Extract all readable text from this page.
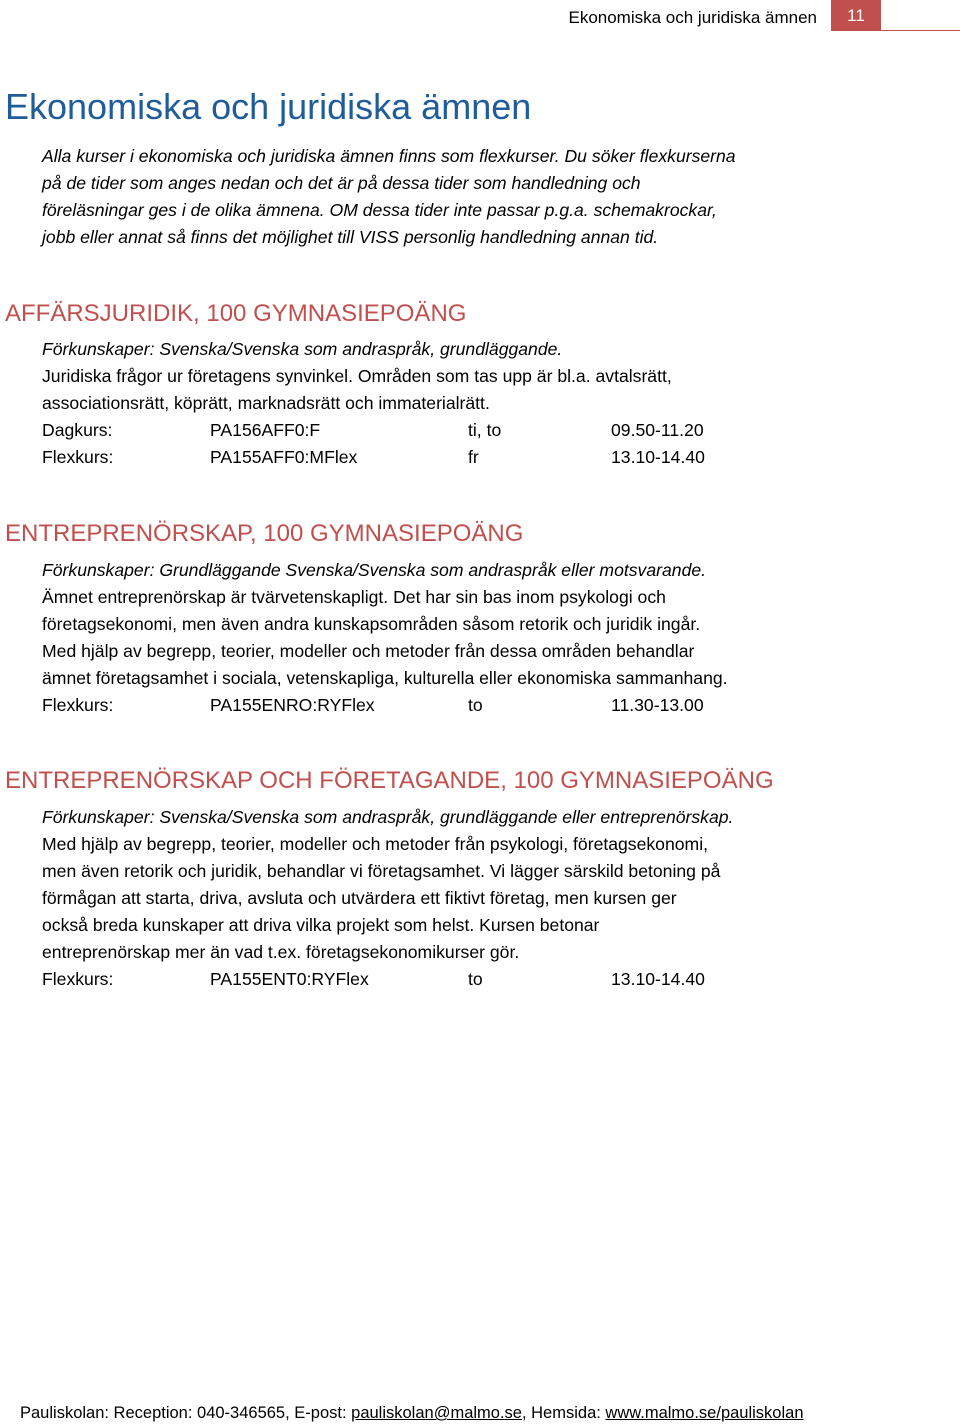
Ekonomiska och juridiska ämnen	11
Ekonomiska och juridiska ämnen

Alla kurser i ekonomiska och juridiska ämnen finns som flexkurser. Du söker flexkurserna

på de tider som anges nedan och det är på dessa tider som handledning och

föreläsningar ges i de olika ämnena. OM dessa tider inte passar p.g.a. schemakrockar,

jobb eller annat så finns det möjlighet till VISS personlig handledning annan tid.

AFFÄRSJURIDIK, 100 GYMNASIEPOÄNG

Förkunskaper: Svenska/Svenska som andraspråk, grundläggande.

Juridiska frågor ur företagens synvinkel. Områden som tas upp är bl.a. avtalsrätt,

associationsrätt, köprätt, marknadsrätt och immaterialrätt.

Dagkurs:	PA156AFF0:F	ti, to	09.50-11.20
Flexkurs:	PA155AFF0:MFlex	fr	13.10-14.40
ENTREPRENÖRSKAP, 100 GYMNASIEPOÄNG

Förkunskaper: Grundläggande Svenska/Svenska som andraspråk eller motsvarande.

Ämnet entreprenörskap är tvärvetenskapligt. Det har sin bas inom psykologi och

företagsekonomi, men även andra kunskapsområden såsom retorik och juridik ingår.

Med hjälp av begrepp, teorier, modeller och metoder från dessa områden behandlar

ämnet företagsamhet i sociala, vetenskapliga, kulturella eller ekonomiska sammanhang.

Flexkurs:	PA155ENRO:RYFlex	to	11.30-13.00
ENTREPRENÖRSKAP OCH FÖRETAGANDE, 100 GYMNASIEPOÄNG

Förkunskaper: Svenska/Svenska som andraspråk, grundläggande eller entreprenörskap.

Med hjälp av begrepp, teorier, modeller och metoder från psykologi, företagsekonomi,

men även retorik och juridik, behandlar vi företagsamhet. Vi lägger särskild betoning på

förmågan att starta, driva, avsluta och utvärdera ett fiktivt företag, men kursen ger

också breda kunskaper att driva vilka projekt som helst. Kursen betonar

entreprenörskap mer än vad t.ex. företagsekonomikurser gör.

Flexkurs:	PA155ENT0:RYFlex	to	13.10-14.40
Pauliskolan: Reception: 040-346565, E-post: pauliskolan@malmo.se, Hemsida: www.malmo.se/pauliskolan
